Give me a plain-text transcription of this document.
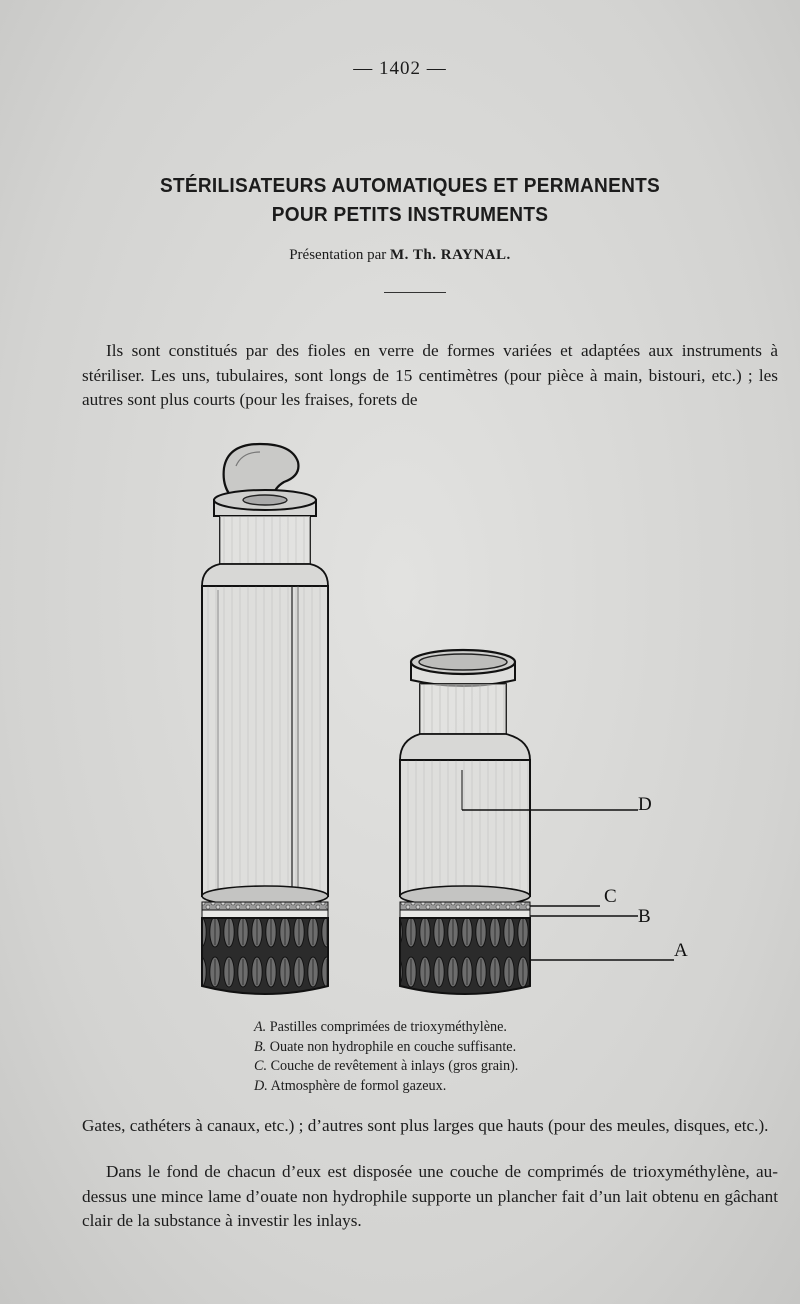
— 1402 —
STÉRILISATEURS AUTOMATIQUES ET PERMANENTS
POUR PETITS INSTRUMENTS
Présentation par M. Th. RAYNAL.
Ils sont constitués par des fioles en verre de formes variées et adaptées aux instruments à stériliser. Les uns, tubulaires, sont longs de 15 centimètres (pour pièce à main, bistouri, etc.) ; les autres sont plus courts (pour les fraises, forets de
D
C
B
A
A. Pastilles comprimées de trioxyméthylène.
B. Ouate non hydrophile en couche suffisante.
C. Couche de revêtement à inlays (gros grain).
D. Atmosphère de formol gazeux.
Gates, cathéters à canaux, etc.) ; d’autres sont plus larges que hauts (pour des meules, disques, etc.).
Dans le fond de chacun d’eux est disposée une couche de comprimés de trioxyméthylène, au-dessus une mince lame d’ouate non hydrophile supporte un plancher fait d’un lait obtenu en gâchant clair de la substance à investir les inlays.
